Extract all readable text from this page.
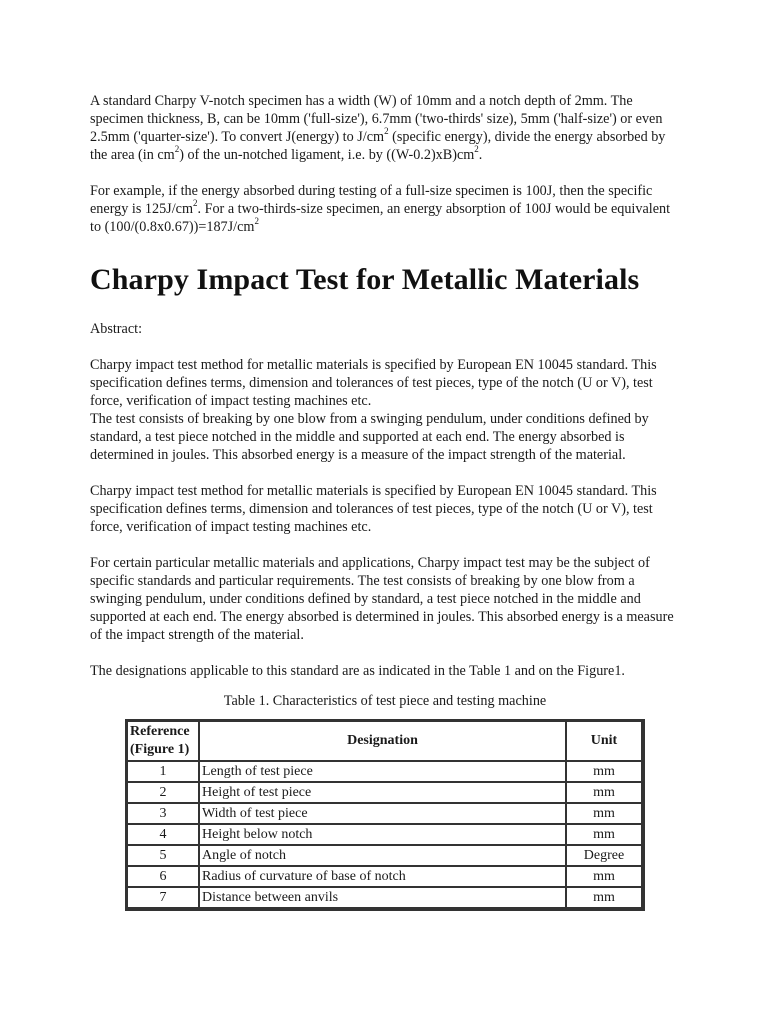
A standard Charpy V-notch specimen has a width (W) of 10mm and a notch depth of 2mm. The specimen thickness, B, can be 10mm ('full-size'), 6.7mm ('two-thirds' size), 5mm ('half-size') or even 2.5mm ('quarter-size'). To convert J(energy) to $J/cm^2$ (specific energy), divide the energy absorbed by the area (in $cm^2$) of the un-notched ligament, i.e. by $((W-0.2)xB)cm^2$.

For example, if the energy absorbed during testing of a full-size specimen is 100J, then the specific energy is $125J/cm^2$. For a two-thirds-size specimen, an energy absorption of 100J would be equivalent to $(100/(0.8x0.67))=187J/cm^2$

Charpy Impact Test for Metallic Materials

Abstract:

Charpy impact test method for metallic materials is specified by European EN 10045 standard. This specification defines terms, dimension and tolerances of test pieces, type of the notch (U or V), test force, verification of impact testing machines etc.

The test consists of breaking by one blow from a swinging pendulum, under conditions defined by standard, a test piece notched in the middle and supported at each end. The energy absorbed is determined in joules. This absorbed energy is a measure of the impact strength of the material.

Charpy impact test method for metallic materials is specified by European EN 10045 standard. This specification defines terms, dimension and tolerances of test pieces, type of the notch (U or V), test force, verification of impact testing machines etc.

For certain particular metallic materials and applications, Charpy impact test may be the subject of specific standards and particular requirements. The test consists of breaking by one blow from a swinging pendulum, under conditions defined by standard, a test piece notched in the middle and supported at each end. The energy absorbed is determined in joules. This absorbed energy is a measure of the impact strength of the material.

The designations applicable to this standard are as indicated in the Table 1 and on the Figure1.

Table 1. Characteristics of test piece and testing machine

Reference
(Figure 1)	Designation	Unit
1	Length of test piece	mm
2	Height of test piece	mm
3	Width of test piece	mm
4	Height below notch	mm
5	Angle of notch	Degree
6	Radius of curvature of base of notch	mm
7	Distance between anvils	mm
